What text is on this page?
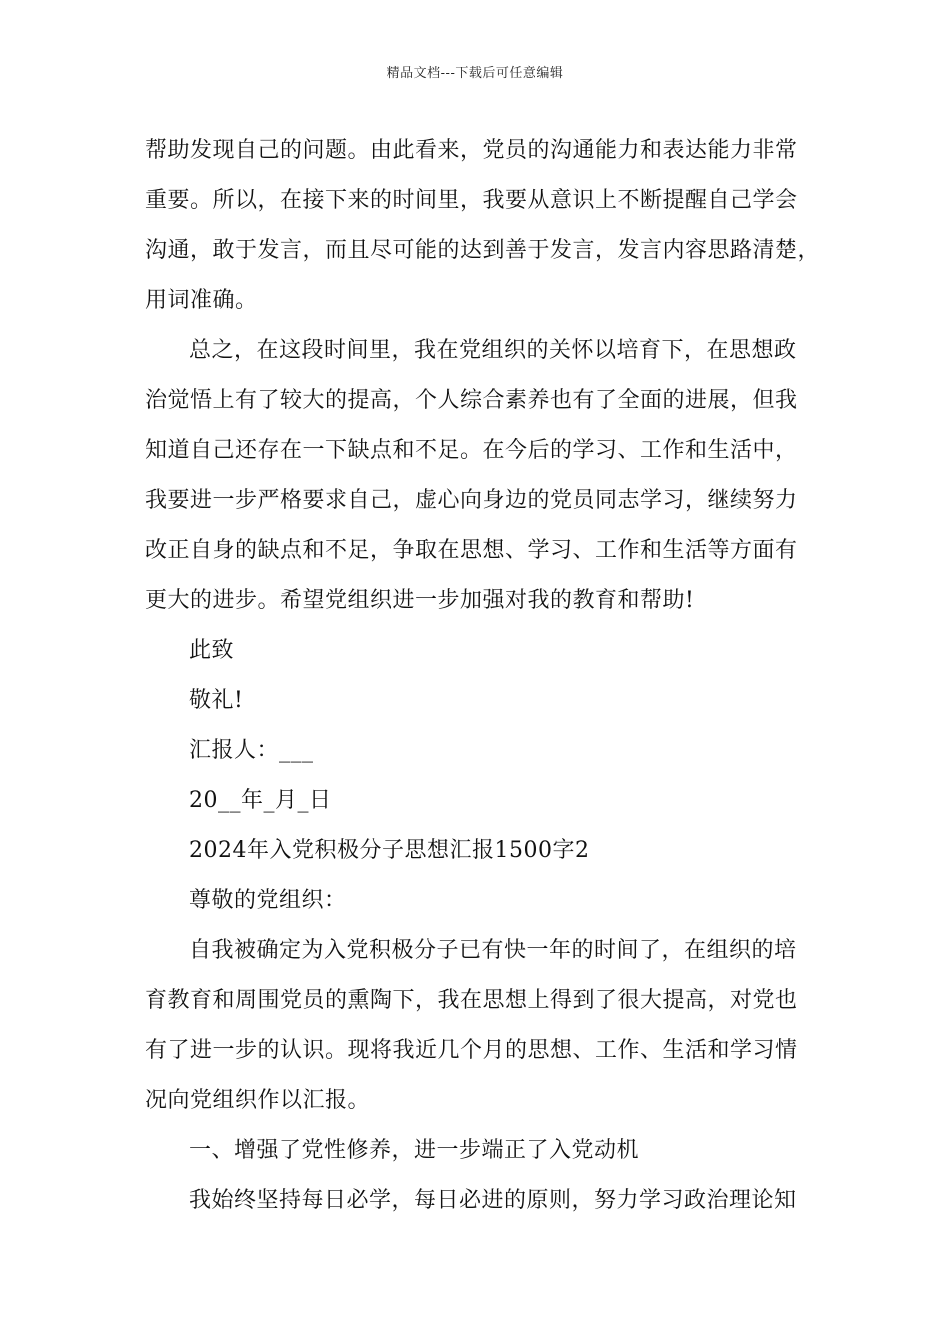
精品文档---下载后可任意编辑
帮助发现自己的问题。由此看来，党员的沟通能力和表达能力非常
重要。所以，在接下来的时间里，我要从意识上不断提醒自己学会
沟通，敢于发言，而且尽可能的达到善于发言，发言内容思路清楚，
用词准确。
总之，在这段时间里，我在党组织的关怀以培育下，在思想政
治觉悟上有了较大的提高，个人综合素养也有了全面的进展，但我
知道自己还存在一下缺点和不足。在今后的学习、工作和生活中，
我要进一步严格要求自己，虚心向身边的党员同志学习，继续努力
改正自身的缺点和不足，争取在思想、学习、工作和生活等方面有
更大的进步。希望党组织进一步加强对我的教育和帮助!
此致
敬礼!
汇报人：___
20__年_月_日
2024年入党积极分子思想汇报1500字2
尊敬的党组织：
自我被确定为入党积极分子已有快一年的时间了，在组织的培
育教育和周围党员的熏陶下，我在思想上得到了很大提高，对党也
有了进一步的认识。现将我近几个月的思想、工作、生活和学习情
况向党组织作以汇报。
一、增强了党性修养，进一步端正了入党动机
我始终坚持每日必学，每日必进的原则，努力学习政治理论知
